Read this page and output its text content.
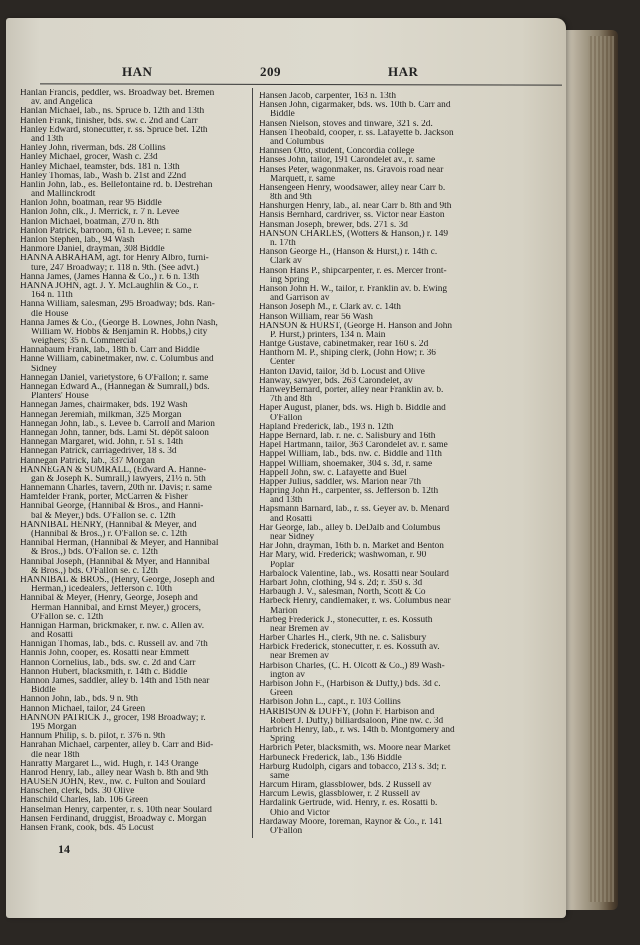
HAN	209	HAR
Hanlan Francis, peddler, ws. Broadway bet. Bremen
av. and Angelica
Hanlan Michael, lab., ns. Spruce b. 12th and 13th
Hanlen Frank, finisher, bds. sw. c. 2nd and Carr
Hanley Edward, stonecutter, r. ss. Spruce bet. 12th
and 13th
Hanley John, riverman, bds. 28 Collins
Hanley Michael, grocer, Wash c. 23d
Hanley Michael, teamster, bds. 181 n. 13th
Hanley Thomas, lab., Wash b. 21st and 22nd
Hanlin John, lab., es. Bellefontaine rd. b. Destrehan
and Mallinckrodt
Hanlon John, boatman, rear 95 Biddle
Hanlon John, clk., J. Merrick, r. 7 n. Levee
Hanlon Michael, boatman, 270 n. 8th
Hanlon Patrick, barroom, 61 n. Levee; r. same
Hanlon Stephen, lab., 94 Wash
Hanmore Daniel, drayman, 308 Biddle
HANNA ABRAHAM, agt. for Henry Albro, furni-
ture, 247 Broadway; r. 118 n. 9th. (See advt.)
Hanna James, (James Hanna & Co.,) r. 6 n. 13th
HANNA JOHN, agt. J. Y. McLaughlin & Co., r.
164 n. 11th
Hanna William, salesman, 295 Broadway; bds. Ran-
dle House
Hanna James & Co., (George B. Lownes, John Nash,
William W. Hobbs & Benjamin R. Hobbs,) city
weighers; 35 n. Commercial
Hannabaum Frank, lab., 18th b. Carr and Biddle
Hanne William, cabinetmaker, nw. c. Columbus and
Sidney
Hannegan Daniel, varietystore, 6 O'Fallon; r. same
Hannegan Edward A., (Hannegan & Sumrall,) bds.
Planters' House
Hannegan James, chairmaker, bds. 192 Wash
Hannegan Jeremiah, milkman, 325 Morgan
Hannegan John, lab., s. Levee b. Carroll and Marion
Hannegan John, tanner, bds. Lami St. dépôt saloon
Hannegan Margaret, wid. John, r. 51 s. 14th
Hannegan Patrick, carriagedriver, 18 s. 3d
Hannegan Patrick, lab., 337 Morgan
HANNEGAN & SUMRALL, (Edward A. Hanne-
gan & Joseph K. Sumrall,) lawyers, 21½ n. 5th
Hannemann Charles, tavern, 20th nr. Davis; r. same
Hamfelder Frank, porter, McCarren & Fisher
Hannibal George, (Hannibal & Bros., and Hanni-
bal & Meyer,) bds. O'Fallon se. c. 12th
HANNIBAL HENRY, (Hannibal & Meyer, and
(Hannibal & Bros.,) r. O'Fallon se. c. 12th
Hannibal Herman, (Hannibal & Meyer, and Hannibal
& Bros.,) bds. O'Fallon se. c. 12th
Hannibal Joseph, (Hannibal & Myer, and Hannibal
& Bros.,) bds. O'Fallon se. c. 12th
HANNIBAL & BROS., (Henry, George, Joseph and
Herman,) icedealers, Jefferson c. 10th
Hannibal & Meyer, (Henry, George, Joseph and
Herman Hannibal, and Ernst Meyer,) grocers,
O'Fallon se. c. 12th
Hannigan Harman, brickmaker, r. nw. c. Allen av.
and Rosatti
Hannigan Thomas, lab., bds. c. Russell av. and 7th
Hannis John, cooper, es. Rosatti near Emmett
Hannon Cornelius, lab., bds. sw. c. 2d and Carr
Hannon Hubert, blacksmith, r. 14th c. Biddle
Hannon James, saddler, alley b. 14th and 15th near
Biddle
Hannon John, lab., bds. 9 n. 9th
Hannon Michael, tailor, 24 Green
HANNON PATRICK J., grocer, 198 Broadway; r.
195 Morgan
Hannum Philip, s. b. pilot, r. 376 n. 9th
Hanrahan Michael, carpenter, alley b. Carr and Bid-
dle near 18th
Hanratty Margaret L., wid. Hugh, r. 143 Orange
Hanrod Henry, lab., alley near Wash b. 8th and 9th
HAUSEN JOHN, Rev., nw. c. Fulton and Soulard
Hanschen, clerk, bds. 30 Olive
Hanschild Charles, lab. 106 Green
Hanselman Henry, carpenter, r. s. 10th near Soulard
Hansen Ferdinand, druggist, Broadway c. Morgan
Hansen Frank, cook, bds. 45 Locust
Hansen Jacob, carpenter, 163 n. 13th
Hansen John, cigarmaker, bds. ws. 10th b. Carr and
Biddle
Hansen Nielson, stoves and tinware, 321 s. 2d.
Hansen Theobald, cooper, r. ss. Lafayette b. Jackson
and Columbus
Hannsen Otto, student, Concordia college
Hanses John, tailor, 191 Carondelet av., r. same
Hanses Peter, wagonmaker, ns. Gravois road near
Marquett, r. same
Hansengeen Henry, woodsawer, alley near Carr b.
8th and 9th
Hanshurgen Henry, lab., al. near Carr b. 8th and 9th
Hansis Bernhard, cardriver, ss. Victor near Easton
Hansman Joseph, brewer, bds. 271 s. 3d
HANSON CHARLES, (Wotters & Hanson,) r. 149
n. 17th
Hanson George H., (Hanson & Hurst,) r. 14th c.
Clark av
Hanson Hans P., shipcarpenter, r. es. Mercer front-
ing Spring
Hanson John H. W., tailor, r. Franklin av. b. Ewing
and Garrison av
Hanson Joseph M., r. Clark av. c. 14th
Hanson William, rear 56 Wash
HANSON & HURST, (George H. Hanson and John
P. Hurst,) printers, 134 n. Main
Hantge Gustave, cabinetmaker, rear 160 s. 2d
Hanthorn M. P., shiping clerk, (John How; r. 36
Center
Hanton David, tailor, 3d b. Locust and Olive
Hanway, sawyer, bds. 263 Carondelet, av
HanweyBernard, porter, alley near Franklin av. b.
7th and 8th
Haper August, planer, bds. ws. High b. Biddle and
O'Fallon
Hapland Frederick, lab., 193 n. 12th
Happe Bernard, lab. r. ne. c. Salisbury and 16th
Hapel Hartmann, tailor, 363 Carondelet av. r. same
Happel William, lab., bds. nw. c. Biddle and 11th
Happel William, shoemaker, 304 s. 3d, r. same
Happell John, sw. c. Lafayette and Buel
Happer Julius, saddler, ws. Marion near 7th
Hapring John H., carpenter, ss. Jefferson b. 12th
and 13th
Hapsmann Barnard, lab., r. ss. Geyer av. b. Menard
and Rosatti
Har George, lab., alley b. DeDalb and Columbus
near Sidney
Har John, drayman, 16th b. n. Market and Benton
Har Mary, wid. Frederick; washwoman, r. 90
Poplar
Harbalock Valentine, lab., ws. Rosatti near Soulard
Harbart John, clothing, 94 s. 2d; r. 350 s. 3d
Harbaugh J. V., salesman, North, Scott & Co
Harbeck Henry, candlemaker, r. ws. Columbus near
Marion
Harbeg Frederick J., stonecutter, r. es. Kossuth
near Bremen av
Harber Charles H., clerk, 9th ne. c. Salisbury
Harbick Frederick, stonecutter, r. es. Kossuth av.
near Bremen av
Harbison Charles, (C. H. Olcott & Co.,) 89 Wash-
ington av
Harbison John F., (Harbison & Duffy,) bds. 3d c.
Green
Harbison John L., capt., r. 103 Collins
HARBISON & DUFFY, (John F. Harbison and
Robert J. Duffy,) billiardsaloon, Pine nw. c. 3d
Harbrich Henry, lab., r. ws. 14th b. Montgomery and
Spring
Harbrich Peter, blacksmith, ws. Moore near Market
Harbuneck Frederick, lab., 136 Biddle
Harburg Rudolph, cigars and tobacco, 213 s. 3d; r.
same
Harcum Hiram, glassblower, bds. 2 Russell av
Harcum Lewis, glassblower, r. 2 Russell av
Hardalink Gertrude, wid. Henry, r. es. Rosatti b.
Ohio and Victor
Hardaway Moore, foreman, Raynor & Co., r. 141
O'Fallon
14
